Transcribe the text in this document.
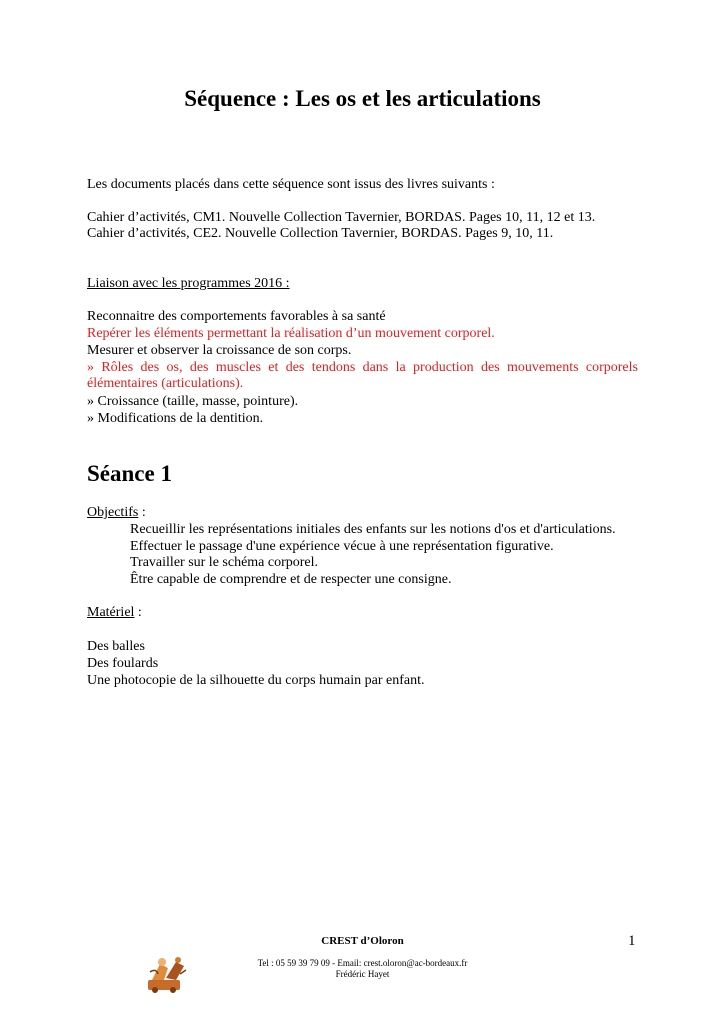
Séquence : Les os et les articulations

Les documents placés dans cette séquence sont issus des livres suivants :

Cahier d’activités, CM1. Nouvelle Collection Tavernier, BORDAS. Pages 10, 11, 12 et 13.

Cahier d’activités, CE2. Nouvelle Collection Tavernier, BORDAS. Pages 9, 10, 11.

Liaison avec les programmes 2016 :

Reconnaitre des comportements favorables à sa santé

Repérer les éléments permettant la réalisation d’un mouvement corporel.

Mesurer et observer la croissance de son corps.

» Rôles des os, des muscles et des tendons dans la production des mouvements corporels élémentaires (articulations).

» Croissance (taille, masse, pointure).

» Modifications de la dentition.

Séance 1

Objectifs :

Recueillir les représentations initiales des enfants sur les notions d'os et d'articulations.

Effectuer le passage d'une expérience vécue à une représentation figurative.

Travailler sur le schéma corporel.

Être capable de comprendre et de respecter une consigne.

Matériel :

Des balles

Des foulards

Une photocopie de la silhouette du corps humain par enfant.

CREST d’Oloron	1
Tel : 05 59 39 79 09 - Email: crest.oloron@ac-bordeaux.fr
Frédéric Hayet
